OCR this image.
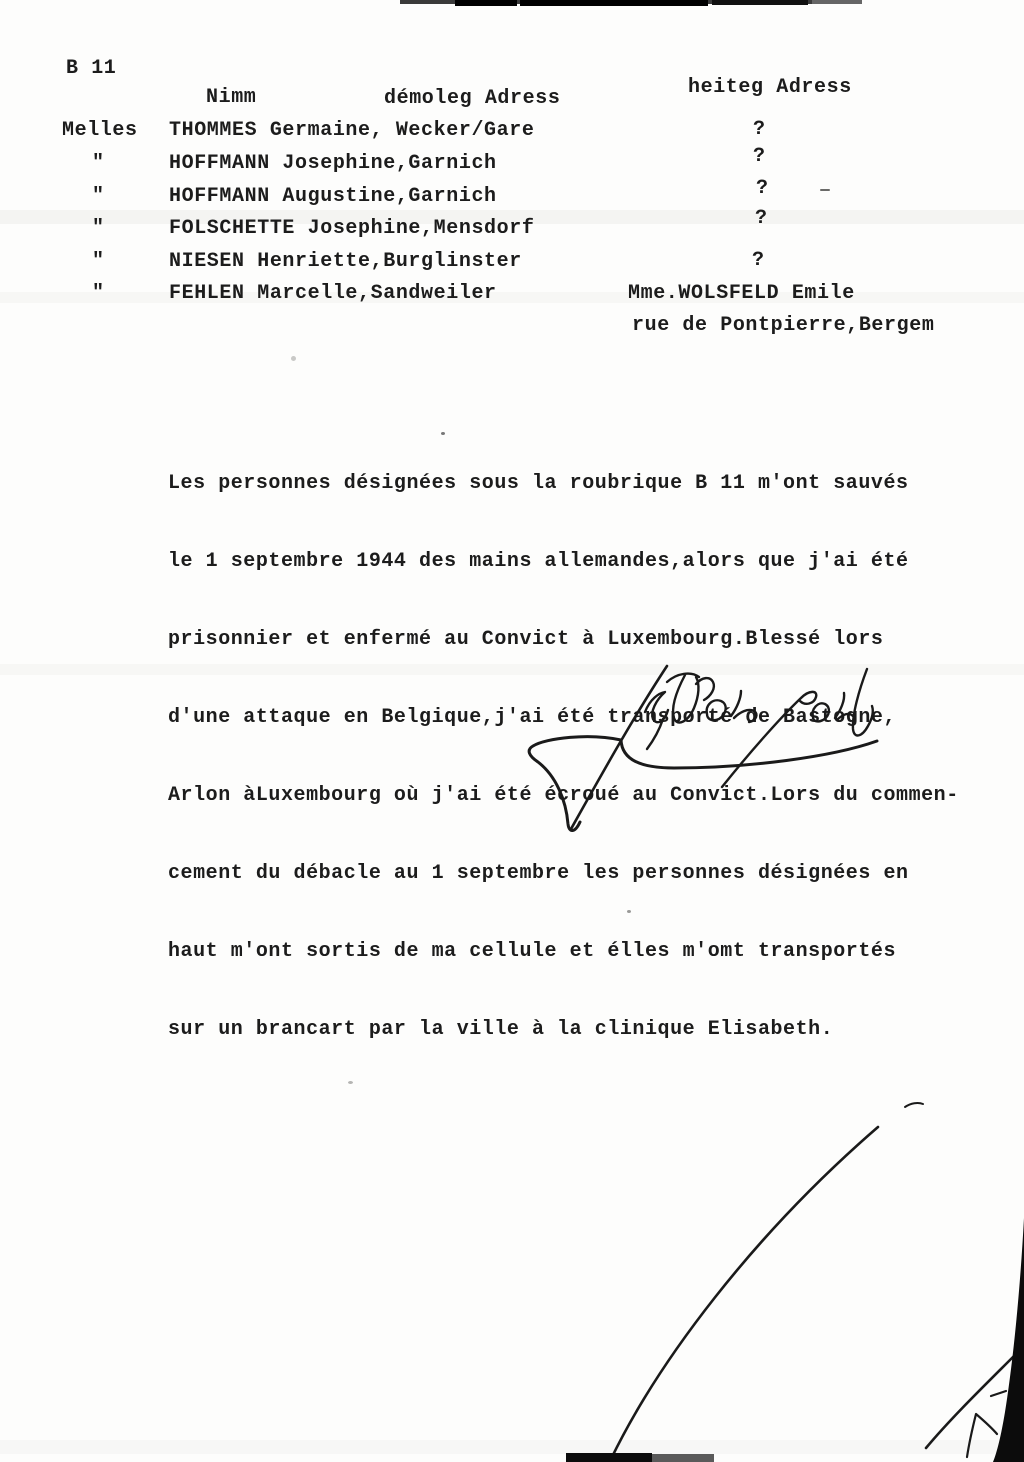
B 11
Nimm	démoleg Adress	heiteg Adress
Melles
"
"
"
"
"
THOMMES Germaine, Wecker/Gare
HOFFMANN Josephine,Garnich
HOFFMANN Augustine,Garnich
FOLSCHETTE Josephine,Mensdorf
NIESEN Henriette,Burglinster
FEHLEN Marcelle,Sandweiler
?
?
?
?
?
Mme.WOLSFELD Emile
rue de Pontpierre,Bergem

Les personnes désignées sous la roubrique B 11 m'ont sauvés

le 1 septembre 1944 des mains allemandes,alors que j'ai été

prisonnier et enfermé au Convict à Luxembourg.Blessé lors

d'une attaque en Belgique,j'ai été transporté de Bastogne,

Arlon àLuxembourg où j'ai été écroué au Convict.Lors du commen-

cement du débacle au 1 septembre les personnes désignées en

haut m'ont sortis de ma cellule et élles m'omt transportés

sur un brancart par la ville à la clinique Elisabeth.
